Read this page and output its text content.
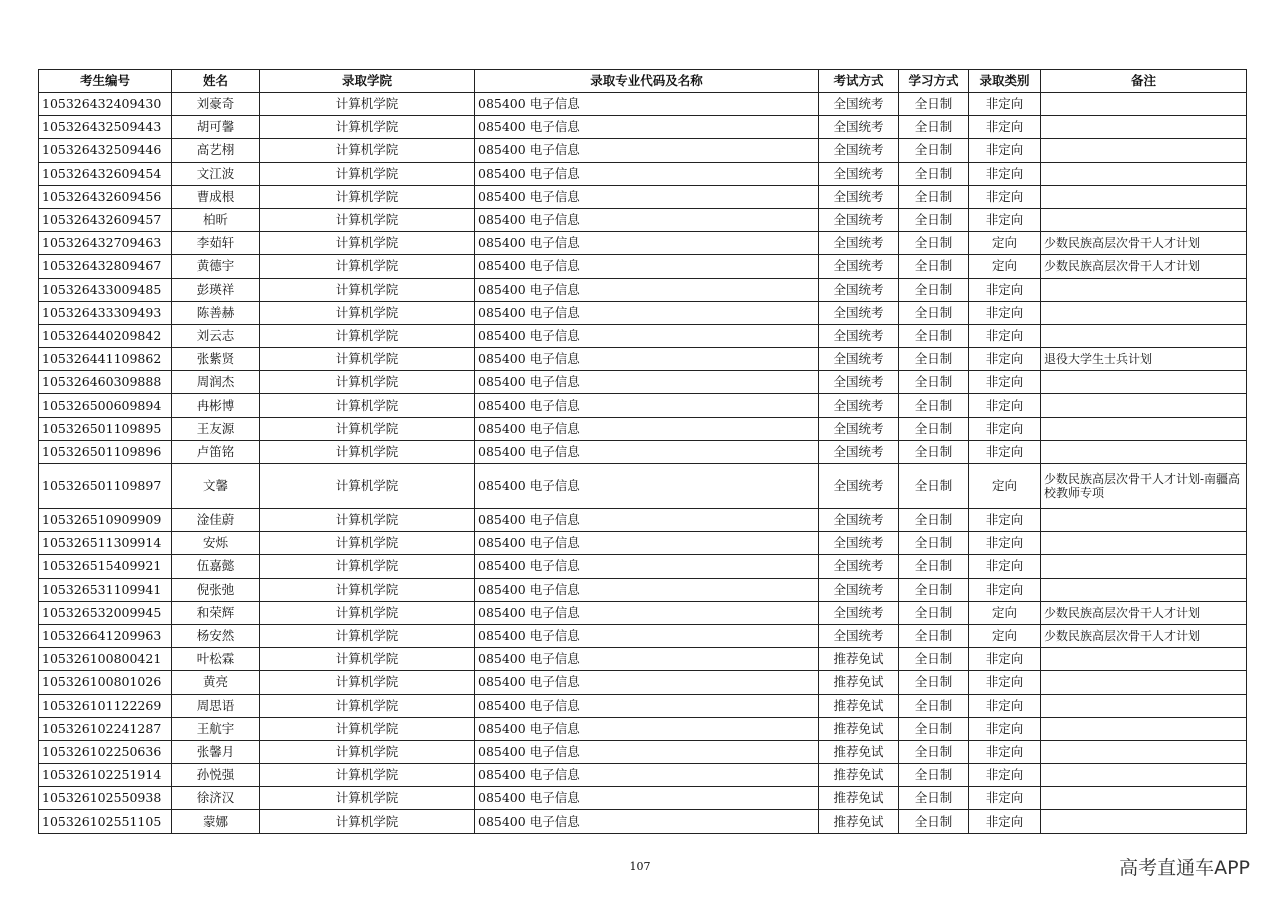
考生编号	姓名	录取学院	录取专业代码及名称	考试方式	学习方式	录取类别	备注
105326432409430	刘豪奇	计算机学院	085400 电子信息	全国统考	全日制	非定向	
105326432509443	胡可馨	计算机学院	085400 电子信息	全国统考	全日制	非定向	
105326432509446	高艺栩	计算机学院	085400 电子信息	全国统考	全日制	非定向	
105326432609454	文江波	计算机学院	085400 电子信息	全国统考	全日制	非定向	
105326432609456	曹成根	计算机学院	085400 电子信息	全国统考	全日制	非定向	
105326432609457	柏昕	计算机学院	085400 电子信息	全国统考	全日制	非定向	
105326432709463	李茹轩	计算机学院	085400 电子信息	全国统考	全日制	定向	少数民族高层次骨干人才计划
105326432809467	黄德宇	计算机学院	085400 电子信息	全国统考	全日制	定向	少数民族高层次骨干人才计划
105326433009485	彭瑛祥	计算机学院	085400 电子信息	全国统考	全日制	非定向	
105326433309493	陈善赫	计算机学院	085400 电子信息	全国统考	全日制	非定向	
105326440209842	刘云志	计算机学院	085400 电子信息	全国统考	全日制	非定向	
105326441109862	张紫贤	计算机学院	085400 电子信息	全国统考	全日制	非定向	退役大学生士兵计划
105326460309888	周润杰	计算机学院	085400 电子信息	全国统考	全日制	非定向	
105326500609894	冉彬博	计算机学院	085400 电子信息	全国统考	全日制	非定向	
105326501109895	王友源	计算机学院	085400 电子信息	全国统考	全日制	非定向	
105326501109896	卢笛铭	计算机学院	085400 电子信息	全国统考	全日制	非定向	
105326501109897	文馨	计算机学院	085400 电子信息	全国统考	全日制	定向	少数民族高层次骨干人才计划-南疆高校教师专项
105326510909909	淦佳蔚	计算机学院	085400 电子信息	全国统考	全日制	非定向	
105326511309914	安烁	计算机学院	085400 电子信息	全国统考	全日制	非定向	
105326515409921	伍嘉懿	计算机学院	085400 电子信息	全国统考	全日制	非定向	
105326531109941	倪张弛	计算机学院	085400 电子信息	全国统考	全日制	非定向	
105326532009945	和荣辉	计算机学院	085400 电子信息	全国统考	全日制	定向	少数民族高层次骨干人才计划
105326641209963	杨安然	计算机学院	085400 电子信息	全国统考	全日制	定向	少数民族高层次骨干人才计划
105326100800421	叶松霖	计算机学院	085400 电子信息	推荐免试	全日制	非定向	
105326100801026	黄亮	计算机学院	085400 电子信息	推荐免试	全日制	非定向	
105326101122269	周思语	计算机学院	085400 电子信息	推荐免试	全日制	非定向	
105326102241287	王航宇	计算机学院	085400 电子信息	推荐免试	全日制	非定向	
105326102250636	张馨月	计算机学院	085400 电子信息	推荐免试	全日制	非定向	
105326102251914	孙悦强	计算机学院	085400 电子信息	推荐免试	全日制	非定向	
105326102550938	徐济汉	计算机学院	085400 电子信息	推荐免试	全日制	非定向	
105326102551105	蒙娜	计算机学院	085400 电子信息	推荐免试	全日制	非定向	
107	高考直通车APP
